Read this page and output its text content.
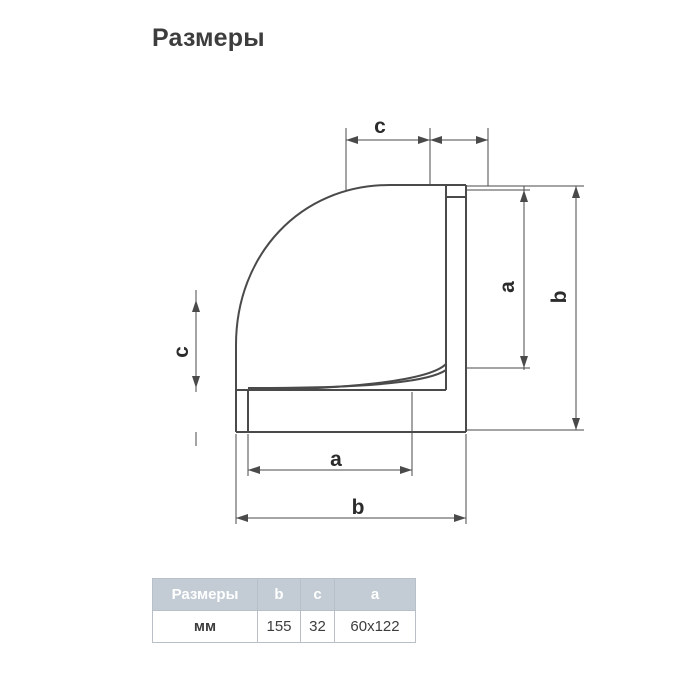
Размеры
c
c
a
b
a
b
Размеры	b	c	a
мм	155	32	60x122
